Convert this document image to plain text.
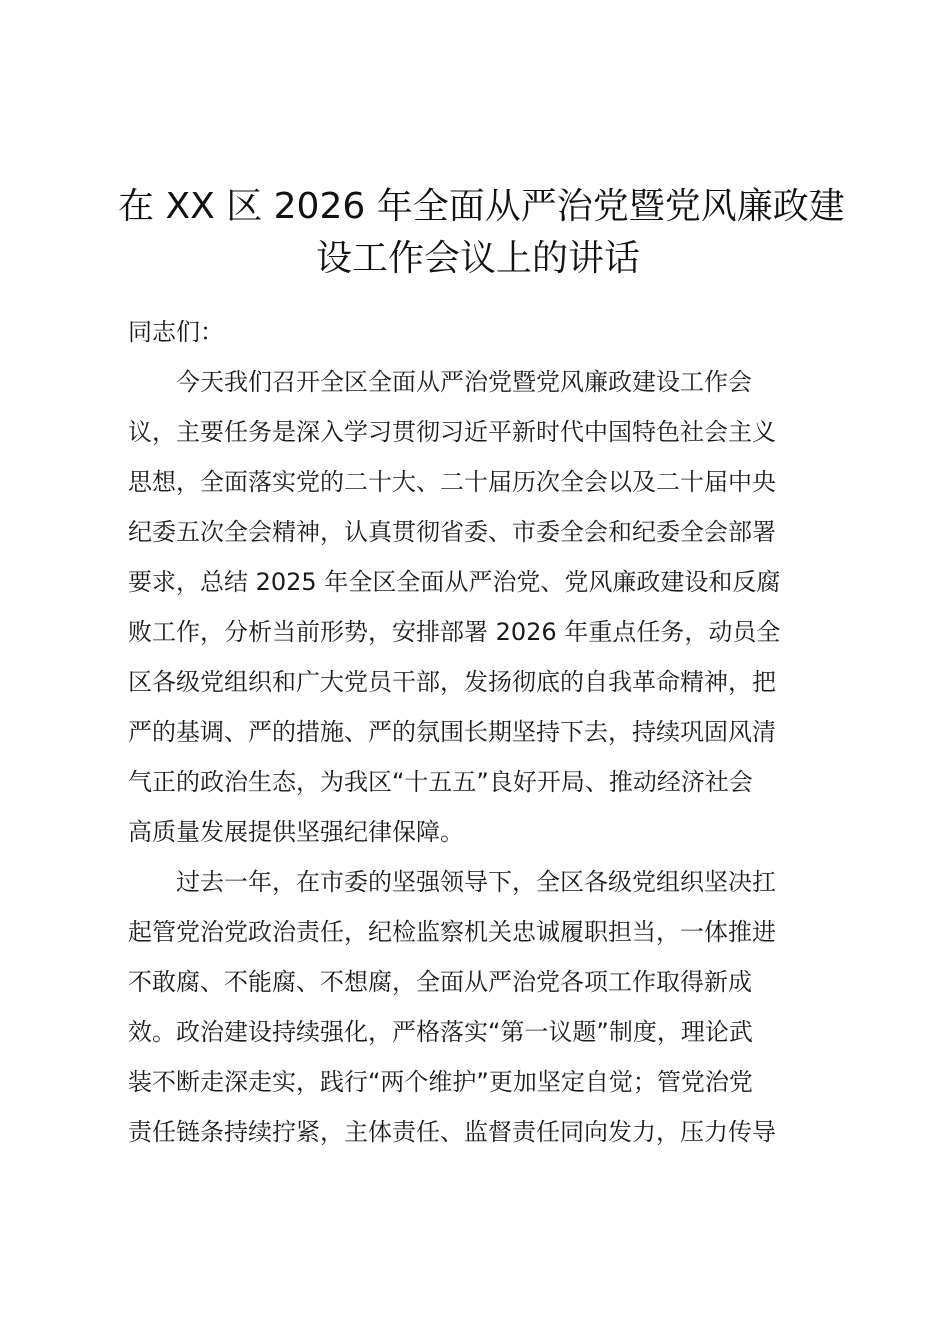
在 XX 区 2026 年全面从严治党暨党风廉政建
设工作会议上的讲话

同志们：

今天我们召开全区全面从严治党暨党风廉政建设工作会
议，主要任务是深入学习贯彻习近平新时代中国特色社会主义
思想，全面落实党的二十大、二十届历次全会以及二十届中央
纪委五次全会精神，认真贯彻省委、市委全会和纪委全会部署
要求，总结 2025 年全区全面从严治党、党风廉政建设和反腐
败工作，分析当前形势，安排部署 2026 年重点任务，动员全
区各级党组织和广大党员干部，发扬彻底的自我革命精神，把
严的基调、严的措施、严的氛围长期坚持下去，持续巩固风清
气正的政治生态，为我区“十五五”良好开局、推动经济社会
高质量发展提供坚强纪律保障。

过去一年，在市委的坚强领导下，全区各级党组织坚决扛
起管党治党政治责任，纪检监察机关忠诚履职担当，一体推进
不敢腐、不能腐、不想腐，全面从严治党各项工作取得新成
效。政治建设持续强化，严格落实“第一议题”制度，理论武
装不断走深走实，践行“两个维护”更加坚定自觉；管党治党
责任链条持续拧紧，主体责任、监督责任同向发力，压力传导
